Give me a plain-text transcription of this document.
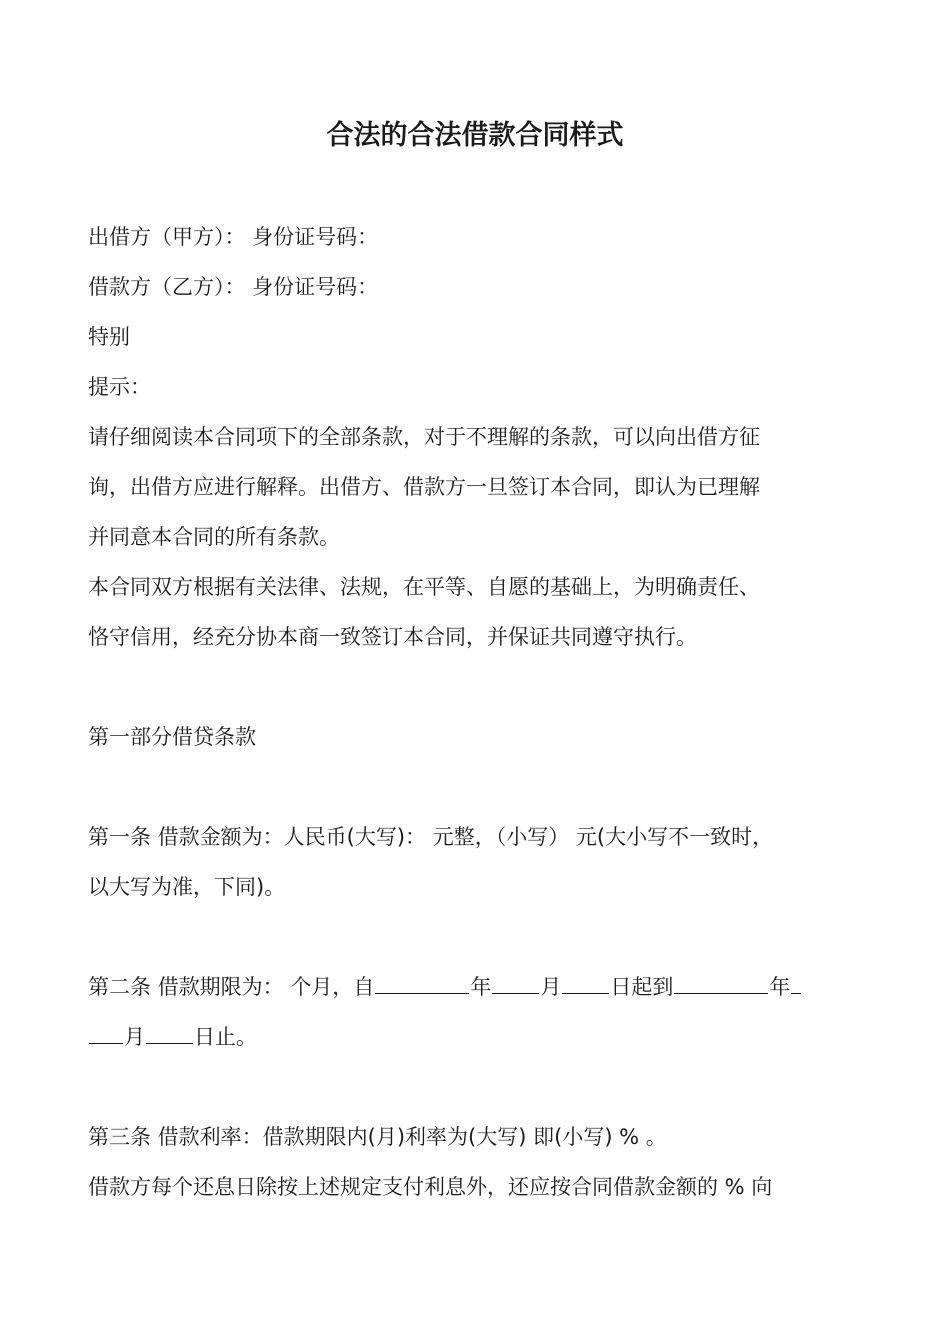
合法的合法借款合同样式
出借方（甲方）： 身份证号码：
借款方（乙方）： 身份证号码：
特别
提示：
请仔细阅读本合同项下的全部条款，对于不理解的条款，可以向出借方征
询，出借方应进行解释。出借方、借款方一旦签订本合同，即认为已理解
并同意本合同的所有条款。
本合同双方根据有关法律、法规，在平等、自愿的基础上，为明确责任、
恪守信用，经充分协本商一致签订本合同，并保证共同遵守执行。
第一部分借贷条款
第一条 借款金额为：人民币(大写)： 元整，（小写） 元(大小写不一致时，
以大写为准，下同)。
第二条 借款期限为： 个月，自	年 月 日起到	年
月 日止。
第三条 借款利率：借款期限内(月)利率为(大写) 即(小写) % 。
借款方每个还息日除按上述规定支付利息外，还应按合同借款金额的 % 向
